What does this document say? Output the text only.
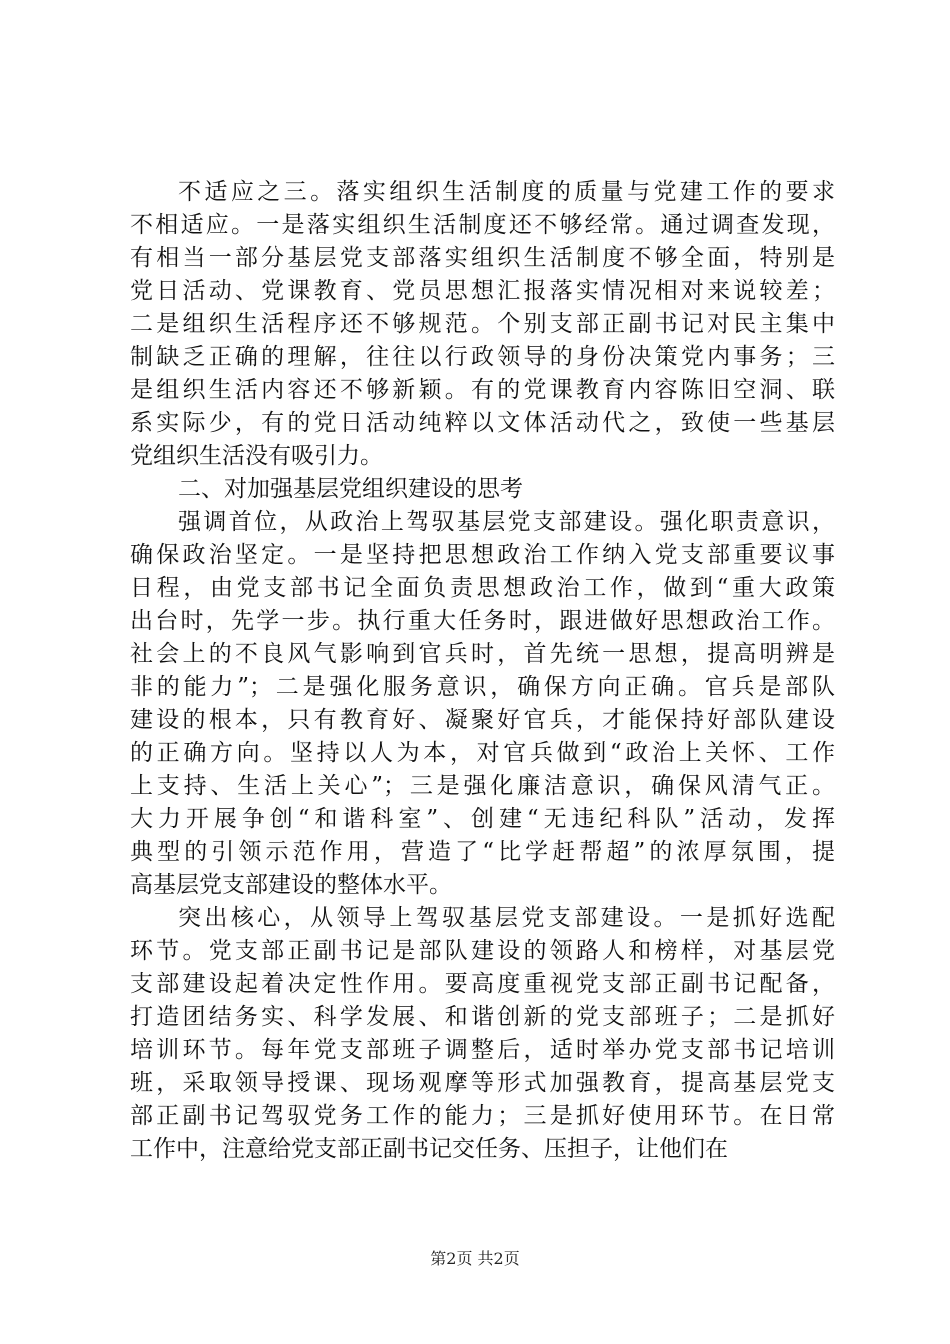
不适应之三。落实组织生活制度的质量与党建工作的要求
不相适应。一是落实组织生活制度还不够经常。通过调查发现，
有相当一部分基层党支部落实组织生活制度不够全面，特别是
党日活动、党课教育、党员思想汇报落实情况相对来说较差；
二是组织生活程序还不够规范。个别支部正副书记对民主集中
制缺乏正确的理解，往往以行政领导的身份决策党内事务；三
是组织生活内容还不够新颖。有的党课教育内容陈旧空洞、联
系实际少，有的党日活动纯粹以文体活动代之，致使一些基层
党组织生活没有吸引力。
二、对加强基层党组织建设的思考
强调首位，从政治上驾驭基层党支部建设。强化职责意识，
确保政治坚定。一是坚持把思想政治工作纳入党支部重要议事
日程，由党支部书记全面负责思想政治工作，做到“重大政策
出台时，先学一步。执行重大任务时，跟进做好思想政治工作。
社会上的不良风气影响到官兵时，首先统一思想，提高明辨是
非的能力”；二是强化服务意识，确保方向正确。官兵是部队
建设的根本，只有教育好、凝聚好官兵，才能保持好部队建设
的正确方向。坚持以人为本，对官兵做到“政治上关怀、工作
上支持、生活上关心”；三是强化廉洁意识，确保风清气正。
大力开展争创“和谐科室”、创建“无违纪科队”活动，发挥
典型的引领示范作用，营造了“比学赶帮超”的浓厚氛围，提
高基层党支部建设的整体水平。
突出核心，从领导上驾驭基层党支部建设。一是抓好选配
环节。党支部正副书记是部队建设的领路人和榜样，对基层党
支部建设起着决定性作用。要高度重视党支部正副书记配备，
打造团结务实、科学发展、和谐创新的党支部班子；二是抓好
培训环节。每年党支部班子调整后，适时举办党支部书记培训
班，采取领导授课、现场观摩等形式加强教育，提高基层党支
部正副书记驾驭党务工作的能力；三是抓好使用环节。在日常
工作中，注意给党支部正副书记交任务、压担子，让他们在
第2页 共2页
